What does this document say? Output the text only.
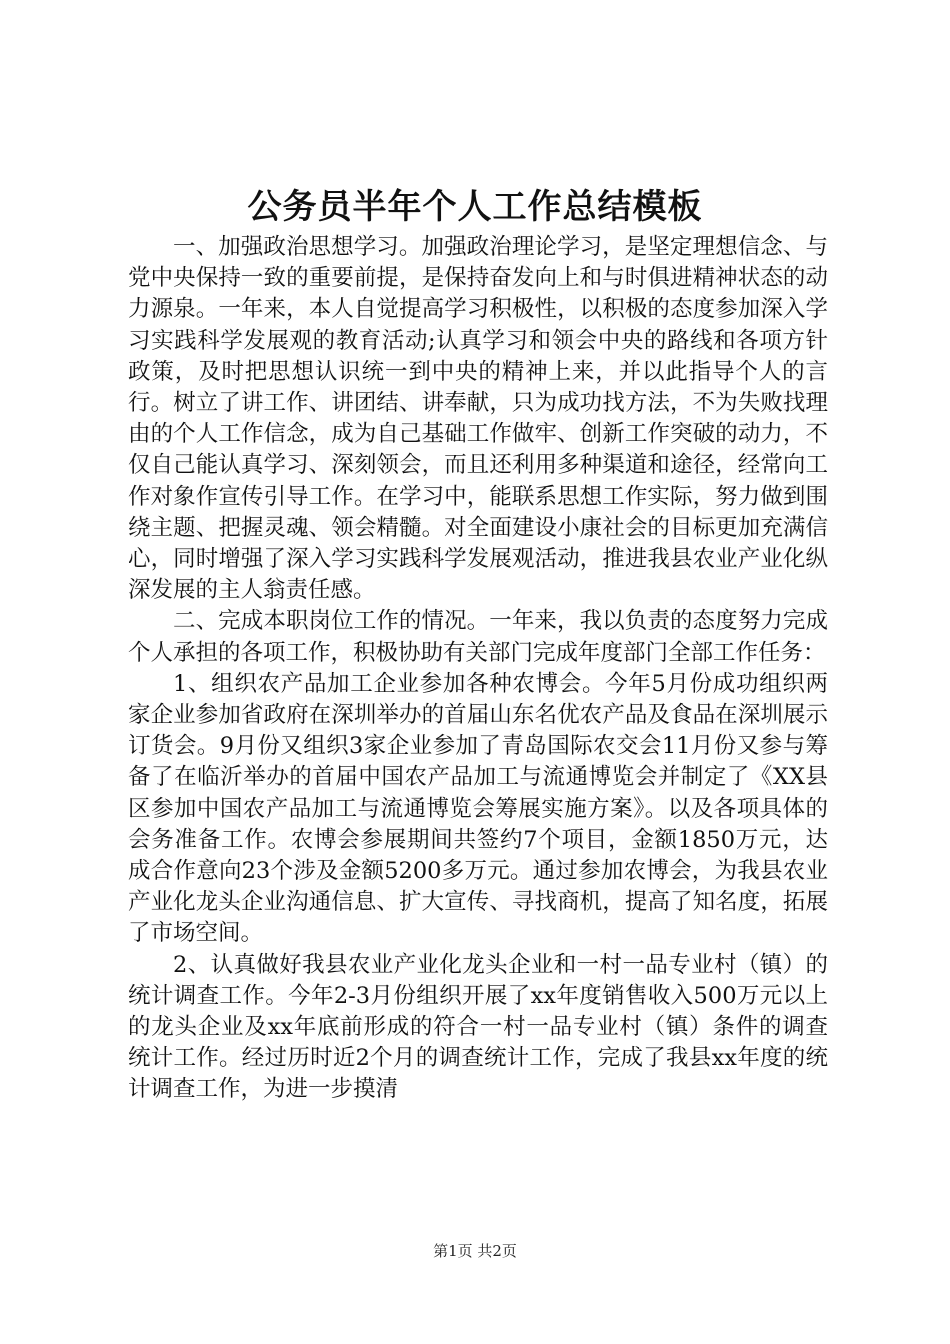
公务员半年个人工作总结模板

一、加强政治思想学习。加强政治理论学习，是坚定理想信念、与党中央保持一致的重要前提，是保持奋发向上和与时俱进精神状态的动力源泉。一年来，本人自觉提高学习积极性，以积极的态度参加深入学习实践科学发展观的教育活动;认真学习和领会中央的路线和各项方针政策，及时把思想认识统一到中央的精神上来，并以此指导个人的言行。树立了讲工作、讲团结、讲奉献，只为成功找方法，不为失败找理由的个人工作信念，成为自己基础工作做牢、创新工作突破的动力，不仅自己能认真学习、深刻领会，而且还利用多种渠道和途径，经常向工作对象作宣传引导工作。在学习中，能联系思想工作实际，努力做到围绕主题、把握灵魂、领会精髓。对全面建设小康社会的目标更加充满信心，同时增强了深入学习实践科学发展观活动，推进我县农业产业化纵深发展的主人翁责任感。

二、完成本职岗位工作的情况。一年来，我以负责的态度努力完成个人承担的各项工作，积极协助有关部门完成年度部门全部工作任务：

1、组织农产品加工企业参加各种农博会。今年5月份成功组织两家企业参加省政府在深圳举办的首届山东名优农产品及食品在深圳展示订货会。9月份又组织3家企业参加了青岛国际农交会11月份又参与筹备了在临沂举办的首届中国农产品加工与流通博览会并制定了《XX县区参加中国农产品加工与流通博览会筹展实施方案》。以及各项具体的会务准备工作。农博会参展期间共签约7个项目，金额1850万元，达成合作意向23个涉及金额5200多万元。通过参加农博会，为我县农业产业化龙头企业沟通信息、扩大宣传、寻找商机，提高了知名度，拓展了市场空间。

2、认真做好我县农业产业化龙头企业和一村一品专业村（镇）的统计调查工作。今年2-3月份组织开展了xx年度销售收入500万元以上的龙头企业及xx年底前形成的符合一村一品专业村（镇）条件的调查统计工作。经过历时近2个月的调查统计工作，完成了我县xx年度的统计调查工作，为进一步摸清

第1页 共2页
